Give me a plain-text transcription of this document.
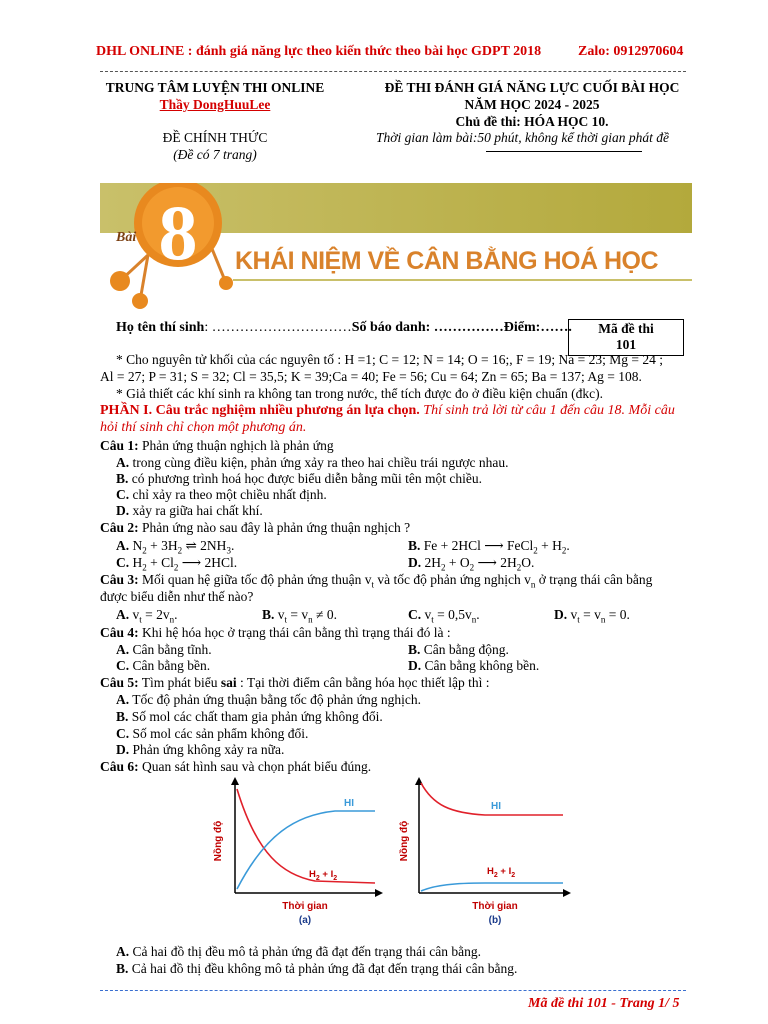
DHL ONLINE : đánh giá năng lực theo kiến thức theo bài học GDPT 2018	Zalo: 0912970604
TRUNG TÂM LUYỆN THI ONLINE
Thầy DongHuuLee
ĐỀ CHÍNH THỨC
(Đề có 7 trang)
ĐỀ THI ĐÁNH GIÁ NĂNG LỰC CUỐI BÀI HỌC
NĂM HỌC 2024 - 2025
Chủ đề thi: HÓA HỌC 10.
Thời gian làm bài:50 phút, không kể thời gian phát đề
8
Bài
KHÁI NIỆM VỀ CÂN BẰNG HOÁ HỌC
Họ tên thí sinh: …………………………Số báo danh: ……………Điểm:…….	Mã đề thi
101
* Cho nguyên tử khối của các nguyên tố : H =1; C = 12; N = 14; O = 16;, F = 19; Na = 23; Mg = 24 ;
Al = 27; P = 31; S = 32; Cl = 35,5; K = 39;Ca = 40; Fe = 56; Cu = 64; Zn = 65; Ba = 137; Ag = 108.
* Giả thiết các khí sinh ra không tan trong nước, thể tích được đo ở điều kiện chuẩn (đkc).
PHẦN I. Câu trắc nghiệm nhiều phương án lựa chọn. Thí sinh trả lời từ câu 1 đến câu 18. Mỗi câu
hỏi thí sinh chỉ chọn một phương án.
Câu 1: Phản ứng thuận nghịch là phản ứng
A. trong cùng điều kiện, phản ứng xảy ra theo hai chiều trái ngược nhau.
B. có phương trình hoá học được biểu diễn bằng mũi tên một chiều.
C. chỉ xảy ra theo một chiều nhất định.
D. xảy ra giữa hai chất khí.
Câu 2: Phản ứng nào sau đây là phản ứng thuận nghịch ?
A. $N_2 + 3H_2$ ⇌ $2NH_3$.	B. Fe + 2HCl ⟶ FeCl$_2$ + $H_2$.
C. $H_2 + Cl_2$ ⟶ 2HCl.	D. $2H_2 + O_2$ ⟶ $2H_2O$.
Câu 3: Mối quan hệ giữa tốc độ phản ứng thuận $v_t$ và tốc độ phản ứng nghịch $v_n$ ở trạng thái cân bằng
được biểu diễn như thế nào?
A. $v_t = 2v_n$.	B. $v_t = v_n \ne 0$.	C. $v_t = 0,5v_n$.	D. $v_t = v_n = 0$.
Câu 4: Khi hệ hóa học ở trạng thái cân bằng thì trạng thái đó là :
A. Cân bằng tĩnh.	B. Cân bằng động.
C. Cân bằng bền.	D. Cân bằng không bền.
Câu 5: Tìm phát biểu sai : Tại thời điểm cân bằng hóa học thiết lập thì :
A. Tốc độ phản ứng thuận bằng tốc độ phản ứng nghịch.
B. Số mol các chất tham gia phản ứng không đổi.
C. Số mol các sản phẩm không đổi.
D. Phản ứng không xảy ra nữa.
Câu 6: Quan sát hình sau và chọn phát biểu đúng.
HI
$H_2 + I_2$
Nồng độ
Thời gian
(a)
HI
$H_2 + I_2$
Nồng độ
Thời gian
(b)
A. Cả hai đồ thị đều mô tả phản ứng đã đạt đến trạng thái cân bằng.
B. Cả hai đồ thị đều không mô tả phản ứng đã đạt đến trạng thái cân bằng.
Mã đề thi 101 - Trang 1/ 5
